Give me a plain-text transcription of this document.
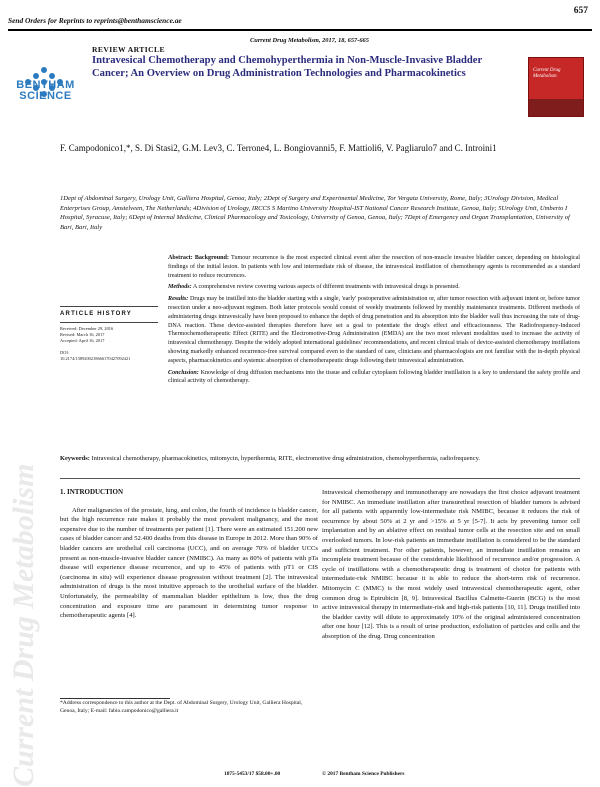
Current Drug Metabolism
Send Orders for Reprints to reprints@benthamscience.ae
657
Current Drug Metabolism, 2017, 18, 657-665
REVIEW ARTICLE
BENTHAM SCIENCE
Current Drug Metabolism
Intravesical Chemotherapy and Chemohyperthermia in Non-Muscle-Invasive Bladder Cancer; An Overview on Drug Administration Technologies and Pharmacokinetics
F. Campodonico1,*, S. Di Stasi2, G.M. Lev3, C. Terrone4, L. Bongiovanni5, F. Mattioli6, V. Pagliarulo7 and C. Introini1
1Dept of Abdominal Surgery, Urology Unit, Galliera Hospital, Genoa, Italy; 2Dept of Surgery and Experimental Medicine, Tor Vergata University, Rome, Italy; 3Urology Division, Medical Enterprises Group, Amstelveen, The Netherlands; 4Division of Urology, IRCCS S Martino University Hospital-IST National Cancer Research Institute, Genoa, Italy; 5Urology Unit, Umberto I Hospital, Syracuse, Italy; 6Dept of Internal Medicine, Clinical Pharmacology and Toxicology, University of Genoa, Genoa, Italy; 7Dept of Emergency and Organ Transplantation, University of Bari, Bari, Italy
ARTICLE HISTORY
Received: December 29, 2016
Revised: March 16, 2017
Accepted: April 16, 2017
DOI:
10.2174/1389200218666170427092421

Abstract: Background: Tumour recurrence is the most expected clinical event after the resection of non-muscle invasive bladder cancer, depending on histological findings of the initial lesion. In patients with low and intermediate risk of disease, the intravesical instillation of chemotherapy agents is recommended as a standard treatment to reduce recurrences.

Methods: A comprehensive review covering various aspects of different treatments with intravesical drugs is presented.

Results: Drugs may be instilled into the bladder starting with a single, 'early' postoperative administration or, after tumor resection with adjuvant intent or, before tumor resection under a neo-adjuvant regimen. Both latter protocols would consist of weekly treatments followed by monthly maintenance treatments. Different methods of administering drugs intravesically have been proposed to enhance the depth of drug penetration and its absorption into the bladder wall thus increasing the rate of drug-DNA reaction. These device-assisted therapies therefore have set a goal to potentiate the drug's effect and efficaciousness. The Radiofrequency-Induced Thermochemotherapeutic Effect (RITE) and the Electromotive-Drug Administration (EMDA) are the two most relevant modalities used to increase the activity of intravesical chemotherapy. Despite the widely adopted international guidelines' recommendations, and recent clinical trials of device-assisted chemotherapy instillations showing markedly enhanced recurrence-free survival compared even to the standard of care, clinicians and pharmacologists are not familiar with the in-depth physical aspects, pharmacokinetics and systemic absorption of chemotherapeutic drugs following their intravesical administration.

Conclusion: Knowledge of drug diffusion mechanisms into the tissue and cellular cytoplasm following bladder instillation is a key to understand the safety profile and clinical activity of chemotherapy.

Keywords: Intravesical chemotherapy, pharmacokinetics, mitomycin, hyperthermia, RITE, electromotive drug administration, chemohyperthermia, radiofrequency.
1. INTRODUCTION

After malignancies of the prostate, lung, and colon, the fourth of incidence is bladder cancer, but the high recurrence rate makes it probably the most prevalent malignancy, and the most expensive due to the number of treatments per patient [1]. There were an estimated 151.200 new cases of bladder cancer and 52.400 deaths from this disease in Europe in 2012. More than 90% of bladder cancers are urothelial cell carcinoma (UCC), and on average 70% of bladder UCCs present as non-muscle-invasive bladder cancer (NMIBC). As many as 80% of patients with pTa disease will experience disease recurrence, and up to 45% of patients with pT1 or CIS (carcinoma in situ) will experience disease progression without treatment [2]. The intravesical administration of drugs is the most intuitive approach to the urothelial surface of the bladder. Unfortunately, the permeability of mammalian bladder epithelium is low, thus the drug concentration and exposure time are paramount in determining tumor response to chemotherapeutic agents [4].

Intravesical chemotherapy and immunotherapy are nowadays the first choice adjuvant treatment for NMIBC. An immediate instillation after transurethral resection of bladder tumors is advised for all patients with apparently low-intermediate risk NMIBC, because it reduces the risk of recurrence by about 50% at 2 yr and >15% at 5 yr [5-7]. It acts by preventing tumor cell implantation and by an ablative effect on residual tumor cells at the resection site and on small overlooked tumors. In low-risk patients an immediate instillation is considered to be the standard and sufficient treatment. For other patients, however, an immediate instillation remains an incomplete treatment because of the considerable likelihood of recurrence and/or progression. A cycle of instillations with a chemotherapeutic drug is treatment of choice for patients with intermediate-risk NMIBC because it is able to reduce the short-term risk of recurrence. Mitomycin C (MMC) is the most widely used intravesical chemotherapeutic agent, other common drug is Epirubicin [8, 9]. Intravesical Bacillus Calmette-Guerin (BCG) is the most active intravesical therapy in intermediate-risk and high-risk patients [10, 11]. Drugs instilled into the bladder cavity will dilute to approximately 10% of the original administered concentration after one hour [12]. This is a result of urine production, exfoliation of particles and cells and the absorption of the drug. Drug concentration

*Address correspondence to this author at the Dept. of Abdominal Surgery, Urology Unit, Galliera Hospital, Genoa, Italy; E-mail: fabio.campodonico@galliera.it
1875-5453/17 $58.00+.00	© 2017 Bentham Science Publishers
